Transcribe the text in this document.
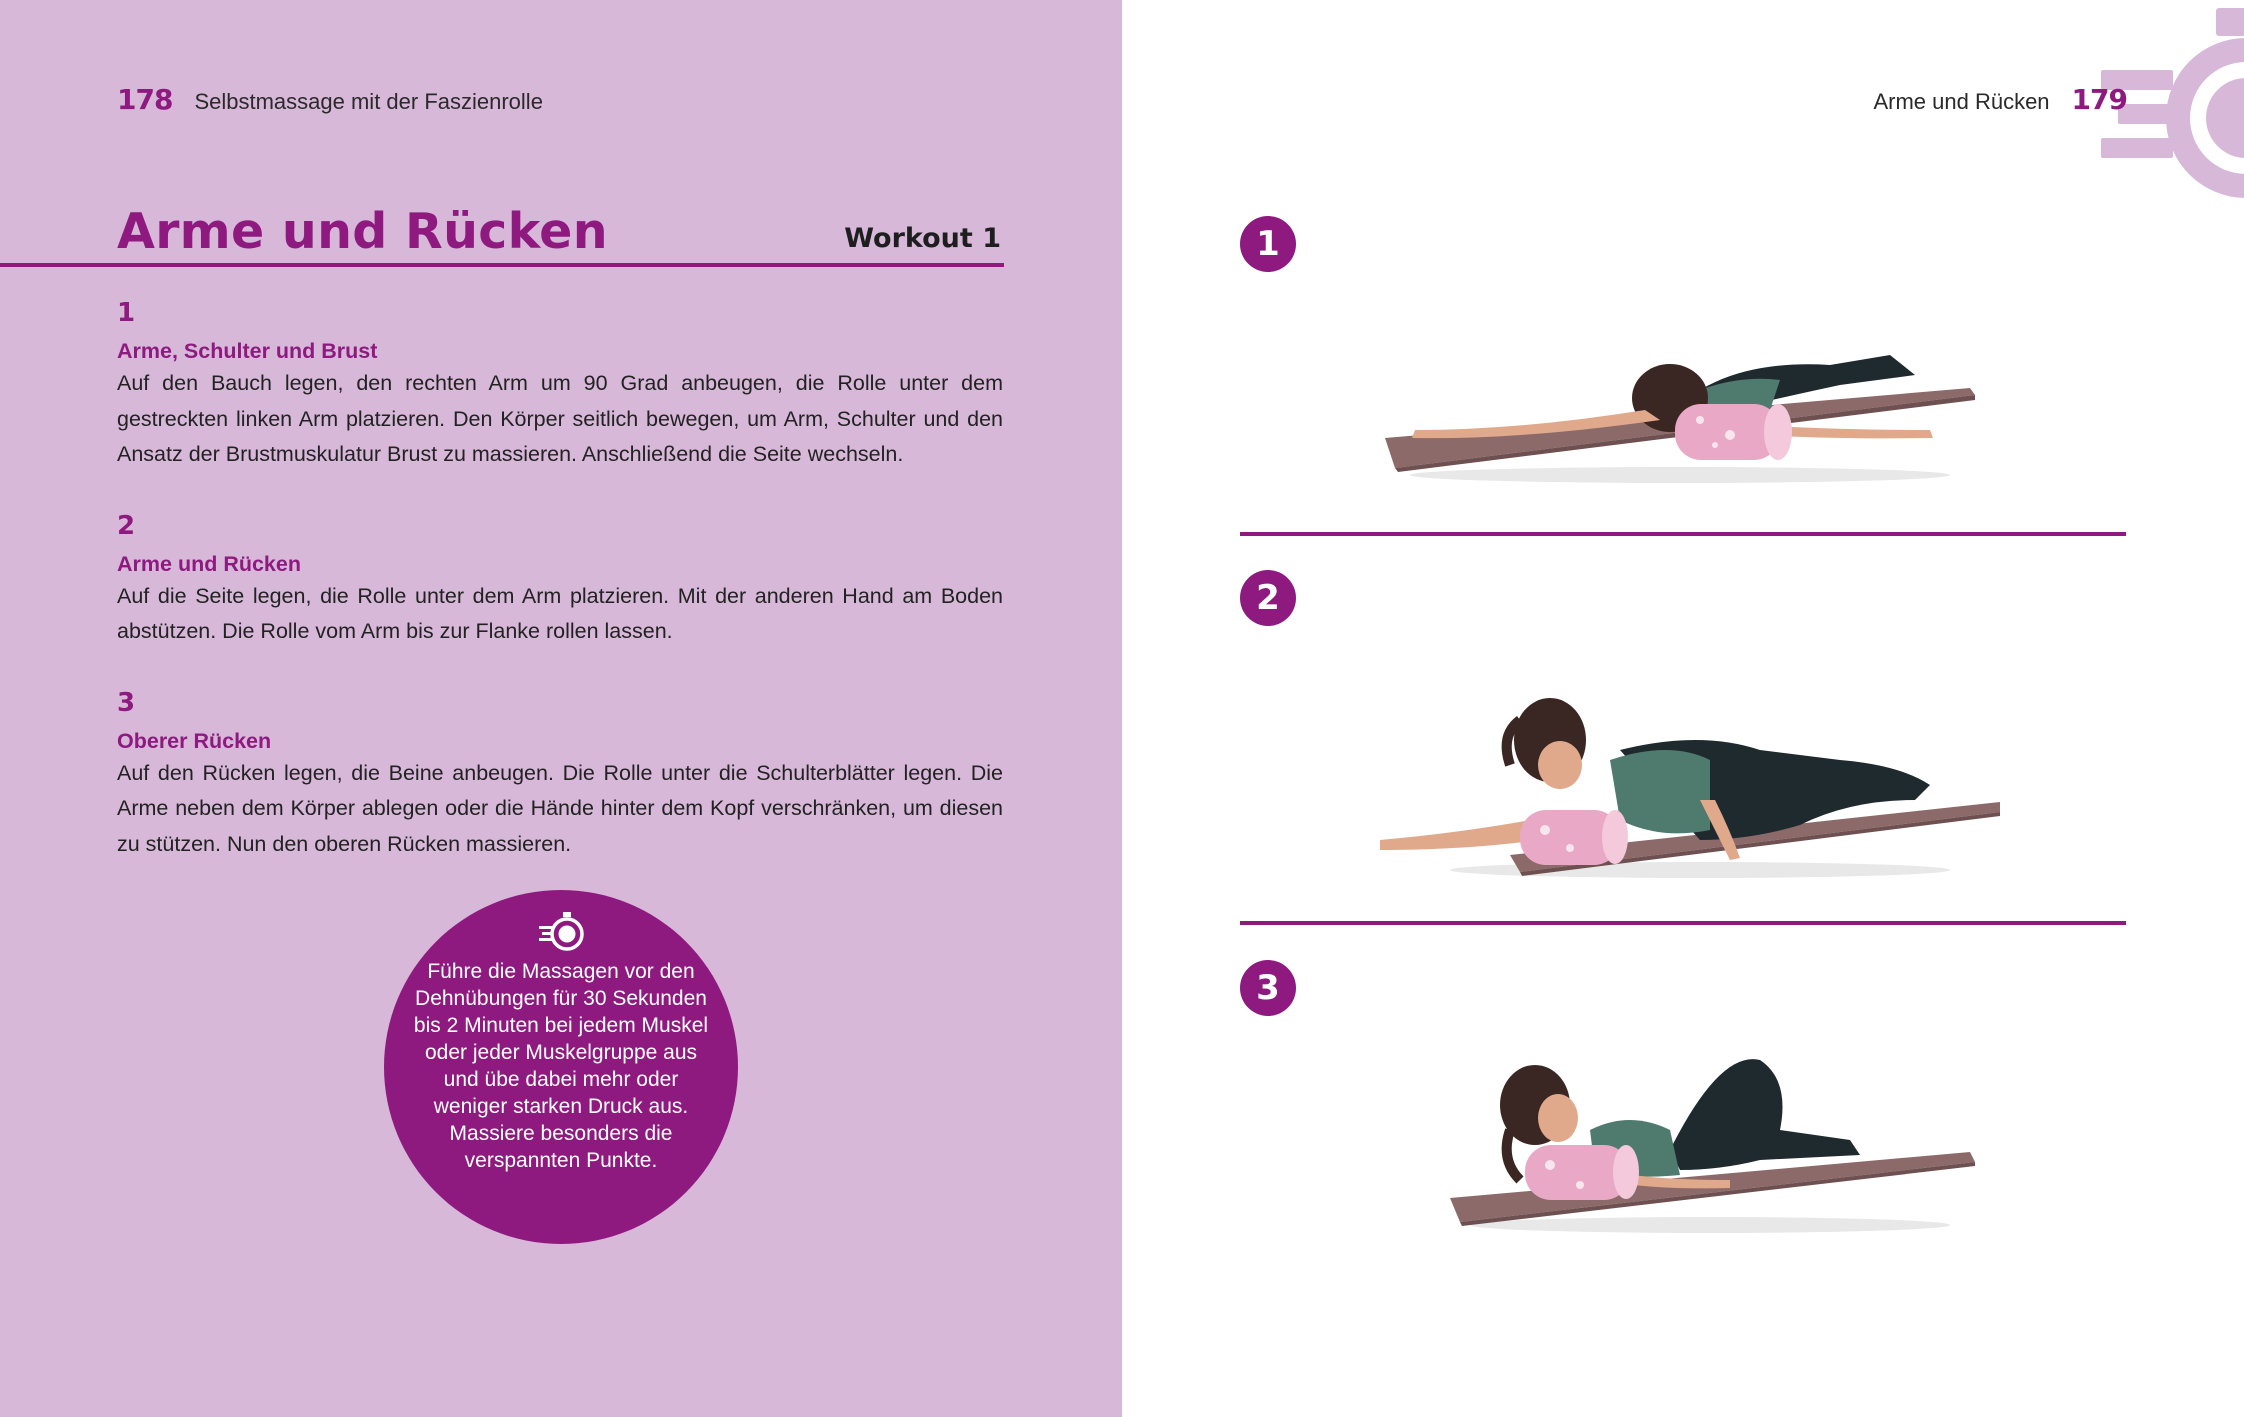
178 Selbstmassage mit der Faszienrolle
Arme und Rücken	Workout 1
1
Arme, Schulter und Brust
Auf den Bauch legen, den rechten Arm um 90 Grad anbeugen, die Rolle unter dem gestreckten linken Arm platzieren. Den Körper seitlich bewegen, um Arm, Schulter und den Ansatz der Brustmuskulatur Brust zu massieren. Anschließend die Seite wechseln.
2
Arme und Rücken
Auf die Seite legen, die Rolle unter dem Arm platzieren. Mit der anderen Hand am Boden abstützen. Die Rolle vom Arm bis zur Flanke rollen lassen.
3
Oberer Rücken
Auf den Rücken legen, die Beine anbeugen. Die Rolle unter die Schulterblätter legen. Die Arme neben dem Körper ablegen oder die Hände hinter dem Kopf verschränken, um diesen zu stützen. Nun den oberen Rücken massieren.
Führe die Massagen vor den Dehnübungen für 30 Sekunden bis 2 Minuten bei jedem Muskel oder jeder Muskelgruppe aus und übe dabei mehr oder weniger starken Druck aus. Massiere besonders die verspannten Punkte.
Arme und Rücken 179
1
2
3
